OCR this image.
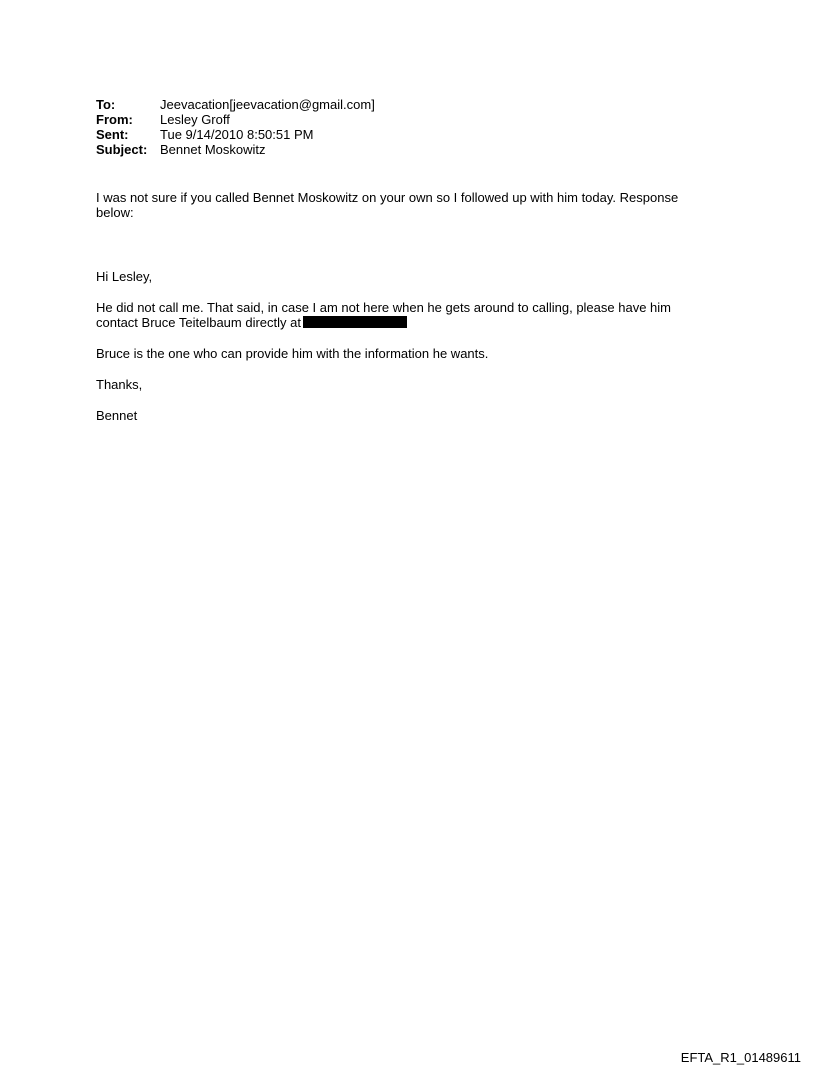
To:	Jeevacation[jeevacation@gmail.com]
From:	Lesley Groff
Sent:	Tue 9/14/2010 8:50:51 PM
Subject: Bennet Moskowitz
I was not sure if you called Bennet Moskowitz on your own so I followed up with him today. Response
below:
Hi Lesley,
He did not call me. That said, in case I am not here when he gets around to calling, please have him
contact Bruce Teitelbaum directly at
Bruce is the one who can provide him with the information he wants.
Thanks,
Bennet
EFTA_R1_01489611
